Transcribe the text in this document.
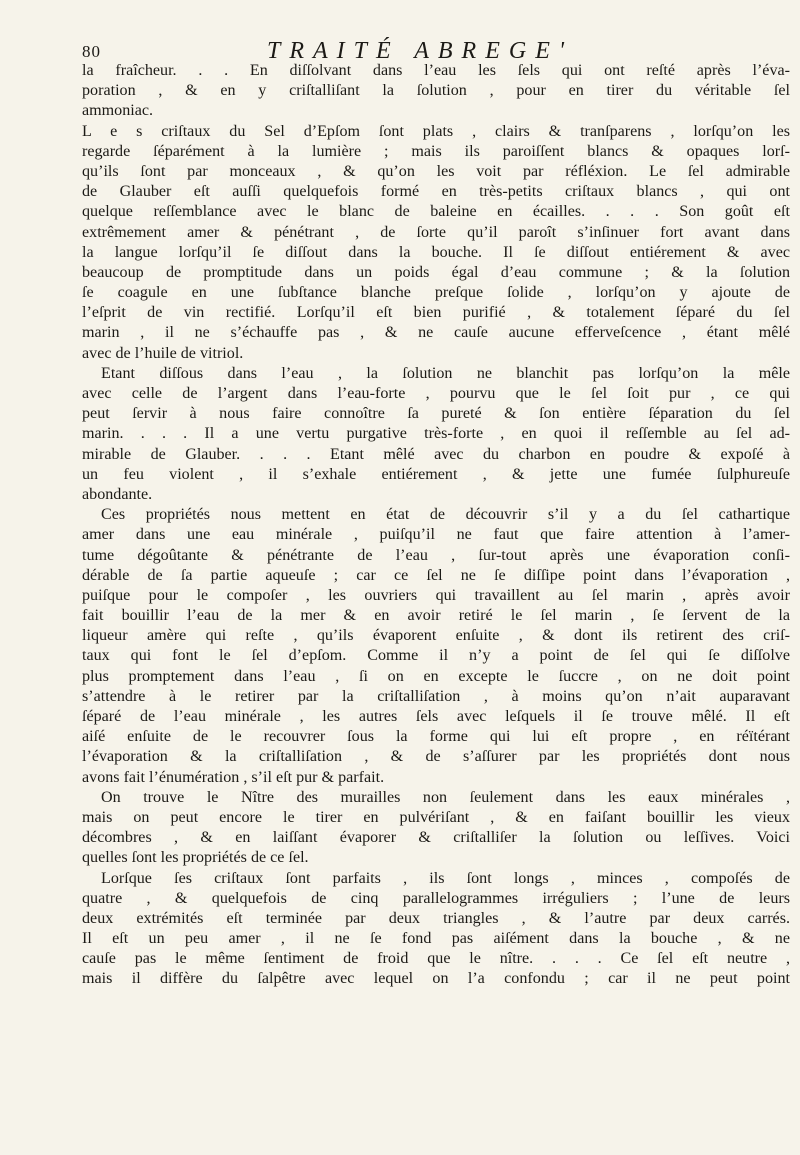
80	TRAITÉ ABREGE'
la fraîcheur. . . En diſſolvant dans l’eau les ſels qui ont reſté après l’éva-
poration , & en y criſtalliſant la ſolution , pour en tirer du véritable ſel
ammoniac.
L e s criſtaux du Sel d’Epſom ſont plats , clairs & tranſparens , lorſqu’on les
regarde ſéparément à la lumière ; mais ils paroiſſent blancs & opaques lorſ-
qu’ils ſont par monceaux , & qu’on les voit par réfléxion. Le ſel admirable
de Glauber eſt auſſi quelquefois formé en très-petits criſtaux blancs , qui ont
quelque reſſemblance avec le blanc de baleine en écailles. . . . Son goût eſt
extrêmement amer & pénétrant , de ſorte qu’il paroît s’inſinuer fort avant dans
la langue lorſqu’il ſe diſſout dans la bouche. Il ſe diſſout entiérement & avec
beaucoup de promptitude dans un poids égal d’eau commune ; & la ſolution
ſe coagule en une ſubſtance blanche preſque ſolide , lorſqu’on y ajoute de
l’eſprit de vin rectifié. Lorſqu’il eſt bien purifié , & totalement ſéparé du ſel
marin , il ne s’échauffe pas , & ne cauſe aucune effervеſcence , étant mêlé
avec de l’huile de vitriol.
Etant diſſous dans l’eau , la ſolution ne blanchit pas lorſqu’on la mêle
avec celle de l’argent dans l’eau-forte , pourvu que le ſel ſoit pur , ce qui
peut ſervir à nous faire connoître ſa pureté & ſon entière ſéparation du ſel
marin. . . . Il a une vertu purgative très-forte , en quoi il reſſemble au ſel ad-
mirable de Glauber. . . . Etant mêlé avec du charbon en poudre & expoſé à
un feu violent , il s’exhale entiérement , & jette une fumée ſulphureuſe
abondante.
Ces propriétés nous mettent en état de découvrir s’il y a du ſel cathartique
amer dans une eau minérale , puiſqu’il ne faut que faire attention à l’amer-
tume dégoûtante & pénétrante de l’eau , ſur-tout après une évaporation conſi-
dérable de ſa partie aqueuſe ; car ce ſel ne ſe diſſipe point dans l’évaporation ,
puiſque pour le compoſer , les ouvriers qui travaillent au ſel marin , après avoir
fait bouillir l’eau de la mer & en avoir retiré le ſel marin , ſe ſervent de la
liqueur amère qui reſte , qu’ils évaporent enſuite , & dont ils retirent des criſ-
taux qui font le ſel d’epſom. Comme il n’y a point de ſel qui ſe diſſolve
plus promptement dans l’eau , ſi on en excepte le ſuccre , on ne doit point
s’attendre à le retirer par la criſtalliſation , à moins qu’on n’ait auparavant
ſéparé de l’eau minérale , les autres ſels avec leſquels il ſe trouve mêlé. Il eſt
aiſé enſuite de le recouvrer ſous la forme qui lui eſt propre , en réïtérant
l’évaporation & la criſtalliſation , & de s’aſſurer par les propriétés dont nous
avons fait l’énumération , s’il eſt pur & parfait.
On trouve le Nître des murailles non ſeulement dans les eaux minérales ,
mais on peut encore le tirer en pulvériſant , & en faiſant bouillir les vieux
décombres , & en laiſſant évaporer & criſtalliſer la ſolution ou leſſives. Voici
quelles ſont les propriétés de ce ſel.
Lorſque ſes criſtaux ſont parfaits , ils ſont longs , minces , compoſés de
quatre , & quelquefois de cinq parallelogrammes irréguliers ; l’une de leurs
deux extrémités eſt terminée par deux triangles , & l’autre par deux carrés.
Il eſt un peu amer , il ne ſe fond pas aiſément dans la bouche , & ne
cauſe pas le même ſentiment de froid que le nître. . . . Ce ſel eſt neutre ,
mais il diffère du ſalpêtre avec lequel on l’a confondu ; car il ne peut point
